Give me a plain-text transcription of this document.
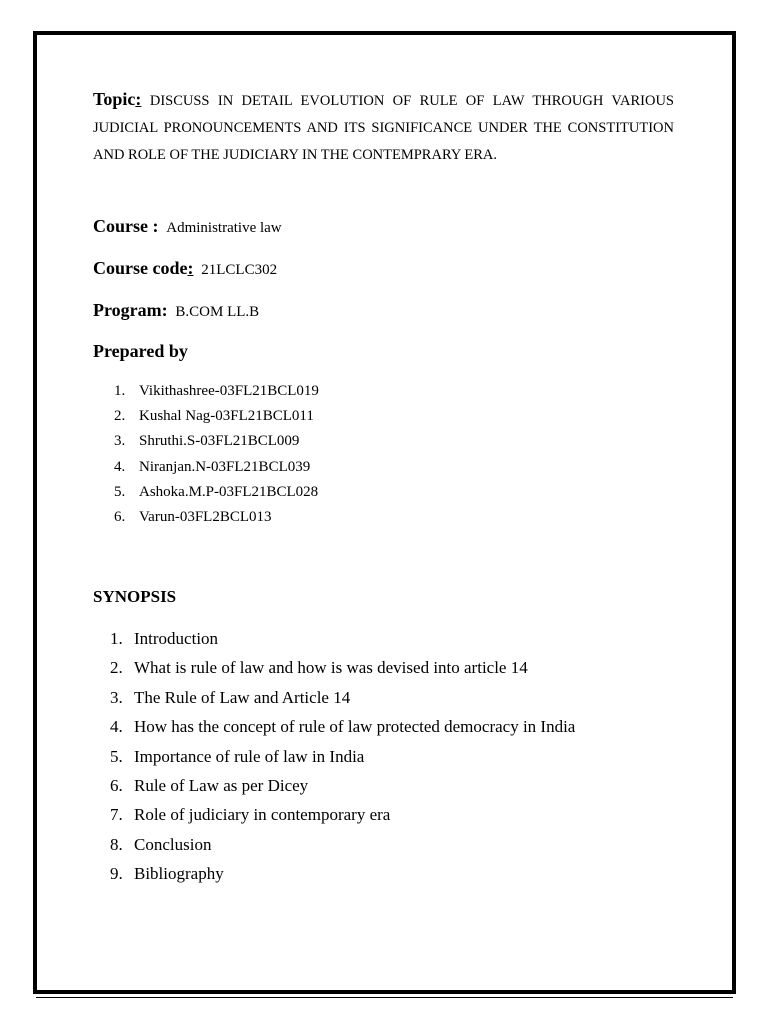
Topic: DISCUSS IN DETAIL EVOLUTION OF RULE OF LAW THROUGH VARIOUS JUDICIAL PRONOUNCEMENTS AND ITS SIGNIFICANCE UNDER THE CONSTITUTION AND ROLE OF THE JUDICIARY IN THE CONTEMPRARY ERA.
Course : Administrative law
Course code: 21LCLC302
Program: B.COM LL.B
Prepared by
1. Vikithashree-03FL21BCL019
2. Kushal Nag-03FL21BCL011
3. Shruthi.S-03FL21BCL009
4. Niranjan.N-03FL21BCL039
5. Ashoka.M.P-03FL21BCL028
6. Varun-03FL2BCL013
SYNOPSIS
1. Introduction
2. What is rule of law and how is was devised into article 14
3. The Rule of Law and Article 14
4. How has the concept of rule of law protected democracy in India
5. Importance of rule of law in India
6. Rule of Law as per Dicey
7. Role of judiciary in contemporary era
8. Conclusion
9. Bibliography
